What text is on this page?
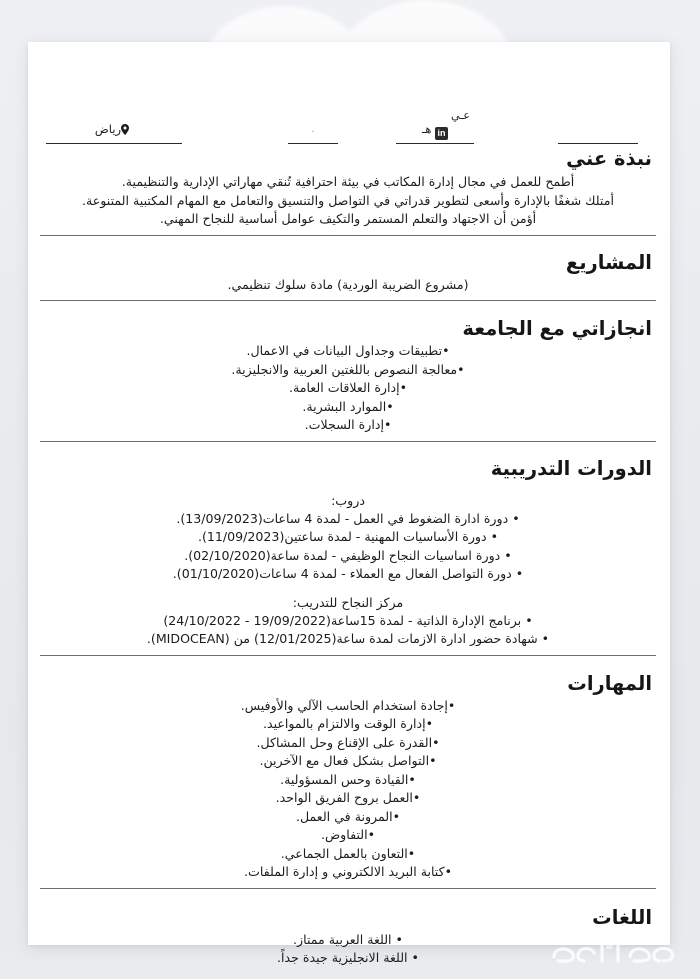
رياض	.
عـي
in هـ
نبذة عني

أطمح للعمل في مجال إدارة المكاتب في بيئة احترافية تُنقي مهاراتي الإدارية والتنظيمية.

أمتلك شغفًا بالإدارة وأسعى لتطوير قدراتي في التواصل والتنسيق والتعامل مع المهام المكتبية المتنوعة.

أؤمن أن الاجتهاد والتعلم المستمر والتكيف عوامل أساسية للنجاح المهني.

المشاريع

(مشروع الضريبة الوردية) مادة سلوك تنظيمي.

انجازاتي مع الجامعة
•تطبيقات وجداول البيانات في الاعمال.
•معالجة النصوص باللغتين العربية والانجليزية.
•إدارة العلاقات العامة.
•الموارد البشرية.
•إدارة السجلات.
الدورات التدريبية
دروب:
• دورة ادارة الضغوط في العمل - لمدة 4 ساعات(13/09/2023).
• دورة الأساسيات المهنية - لمدة ساعتين(11/09/2023).
• دورة اساسيات النجاح الوظيفي - لمدة ساعة(02/10/2020).
• دورة التواصل الفعال مع العملاء - لمدة 4 ساعات(01/10/2020).
مركز النجاح للتدريب:
• برنامج الإدارة الذاتية - لمدة 15ساعة(19/09/2022 - 24/10/2022)
• شهادة حضور ادارة الازمات لمدة ساعة(12/01/2025) من (MIDOCEAN).
المهارات
•إجادة استخدام الحاسب الآلي والأوفيس.
•إدارة الوقت والالتزام بالمواعيد.
•القدرة على الإقناع وحل المشاكل.
•التواصل بشكل فعال مع الآخرين.
•القيادة وحس المسؤولية.
•العمل بروح الفريق الواحد.
•المرونة في العمل.
•التفاوض.
•التعاون بالعمل الجماعي.
•كتابة البريد الالكتروني و إدارة الملفات.
اللغات
• اللغة العربية ممتاز.
• اللغة الانجليزية جيدة جداً.
